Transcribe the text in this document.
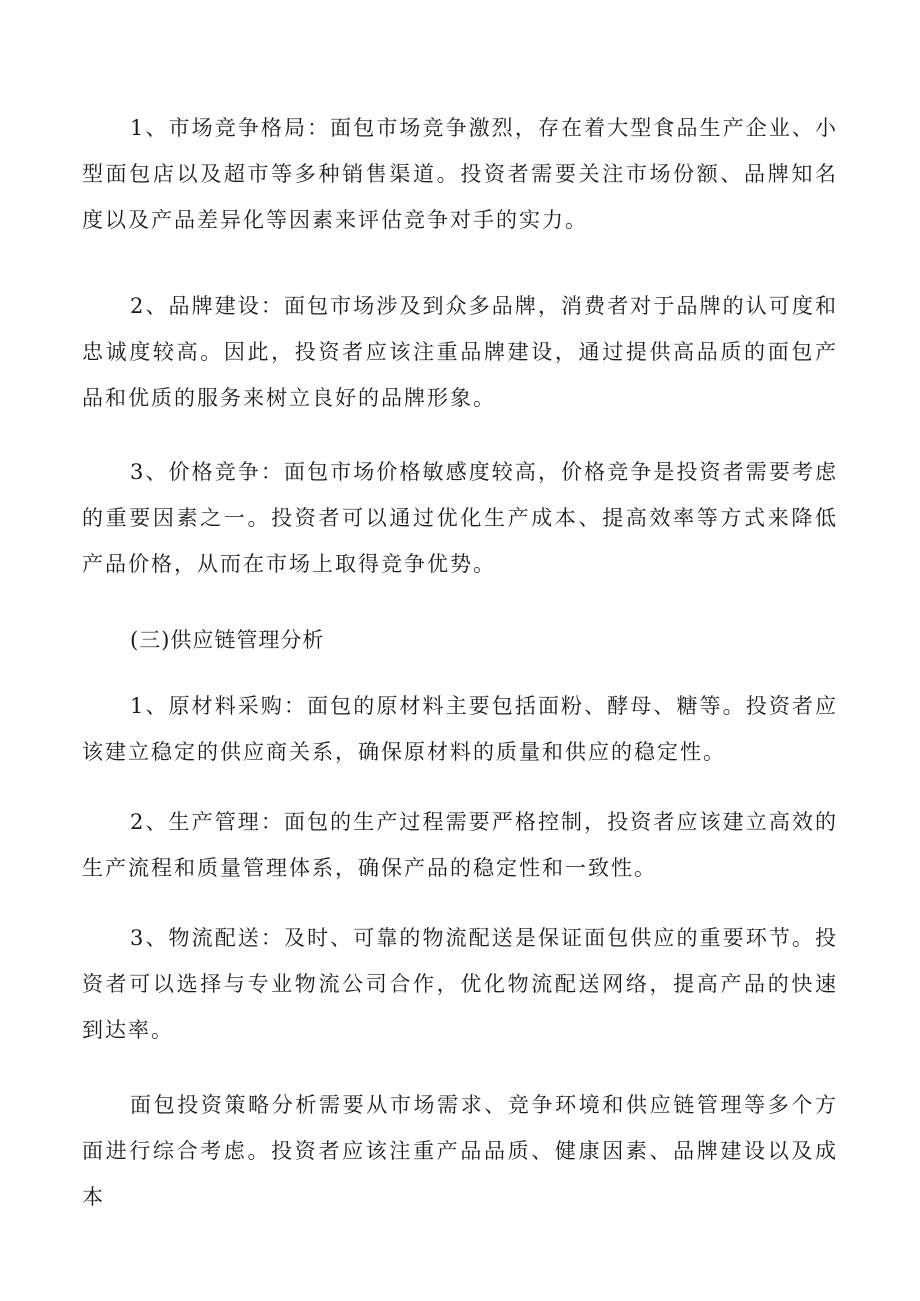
1、市场竞争格局：面包市场竞争激烈，存在着大型食品生产企业、小型面包店以及超市等多种销售渠道。投资者需要关注市场份额、品牌知名度以及产品差异化等因素来评估竞争对手的实力。

2、品牌建设：面包市场涉及到众多品牌，消费者对于品牌的认可度和忠诚度较高。因此，投资者应该注重品牌建设，通过提供高品质的面包产品和优质的服务来树立良好的品牌形象。

3、价格竞争：面包市场价格敏感度较高，价格竞争是投资者需要考虑的重要因素之一。投资者可以通过优化生产成本、提高效率等方式来降低产品价格，从而在市场上取得竞争优势。

(三)供应链管理分析

1、原材料采购：面包的原材料主要包括面粉、酵母、糖等。投资者应该建立稳定的供应商关系，确保原材料的质量和供应的稳定性。

2、生产管理：面包的生产过程需要严格控制，投资者应该建立高效的生产流程和质量管理体系，确保产品的稳定性和一致性。

3、物流配送：及时、可靠的物流配送是保证面包供应的重要环节。投资者可以选择与专业物流公司合作，优化物流配送网络，提高产品的快速到达率。

面包投资策略分析需要从市场需求、竞争环境和供应链管理等多个方面进行综合考虑。投资者应该注重产品品质、健康因素、品牌建设以及成本
